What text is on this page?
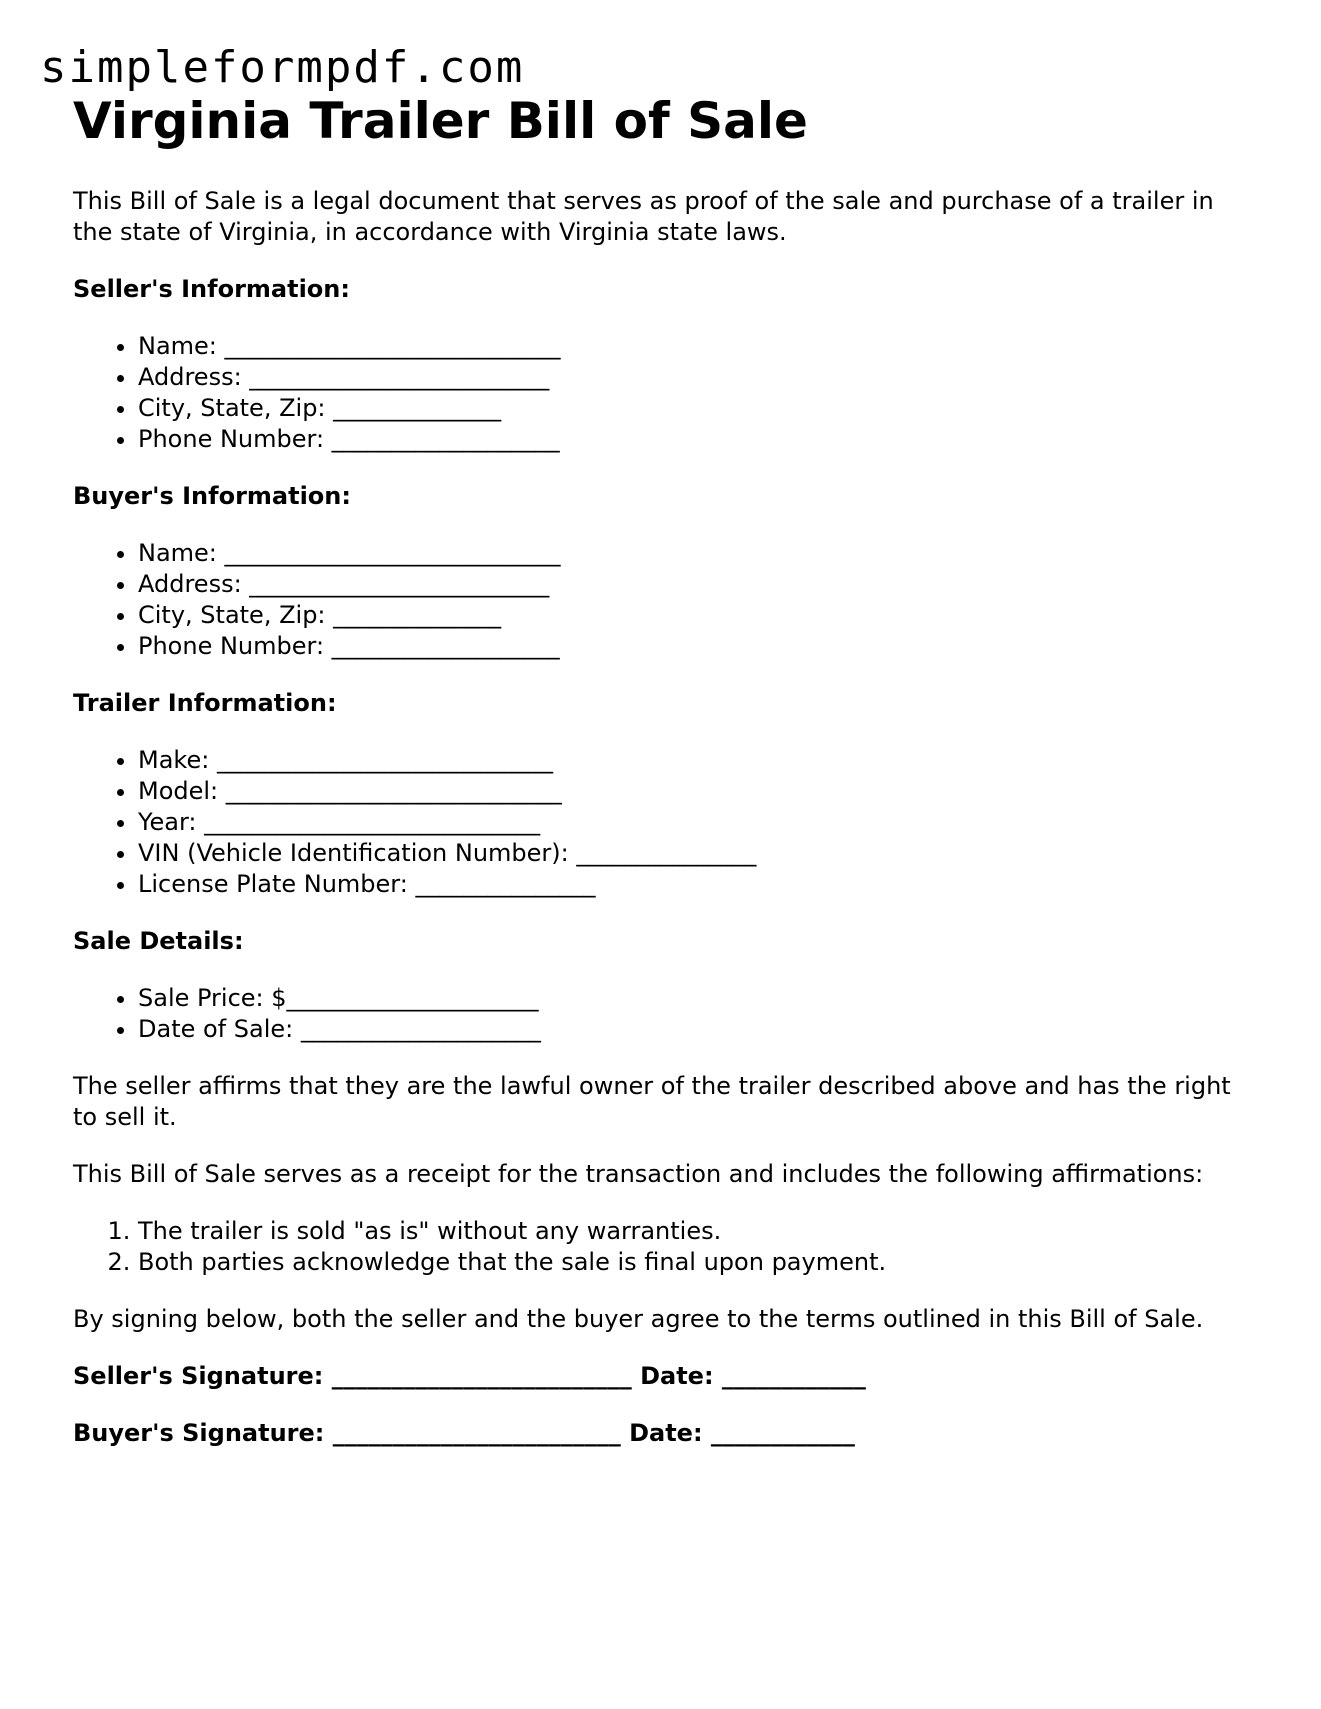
simpleformpdf.com
Virginia Trailer Bill of Sale

This Bill of Sale is a legal document that serves as proof of the sale and purchase of a trailer in the state of Virginia, in accordance with Virginia state laws.

Seller's Information:
• Name: ____________________________
• Address: _________________________
• City, State, Zip: ______________
• Phone Number: ___________________
Buyer's Information:
• Name: ____________________________
• Address: _________________________
• City, State, Zip: ______________
• Phone Number: ___________________
Trailer Information:
• Make: ____________________________
• Model: ____________________________
• Year: ____________________________
• VIN (Vehicle Identification Number): _______________
• License Plate Number: _______________
Sale Details:
• Sale Price: $_____________________
• Date of Sale: ____________________

The seller affirms that they are the lawful owner of the trailer described above and has the right to sell it.

This Bill of Sale serves as a receipt for the transaction and includes the following affirmations:

1. The trailer is sold "as is" without any warranties.
2. Both parties acknowledge that the sale is final upon payment.

By signing below, both the seller and the buyer agree to the terms outlined in this Bill of Sale.

Seller's Signature: _________________________ Date: ____________
Buyer's Signature: ________________________ Date: ____________
